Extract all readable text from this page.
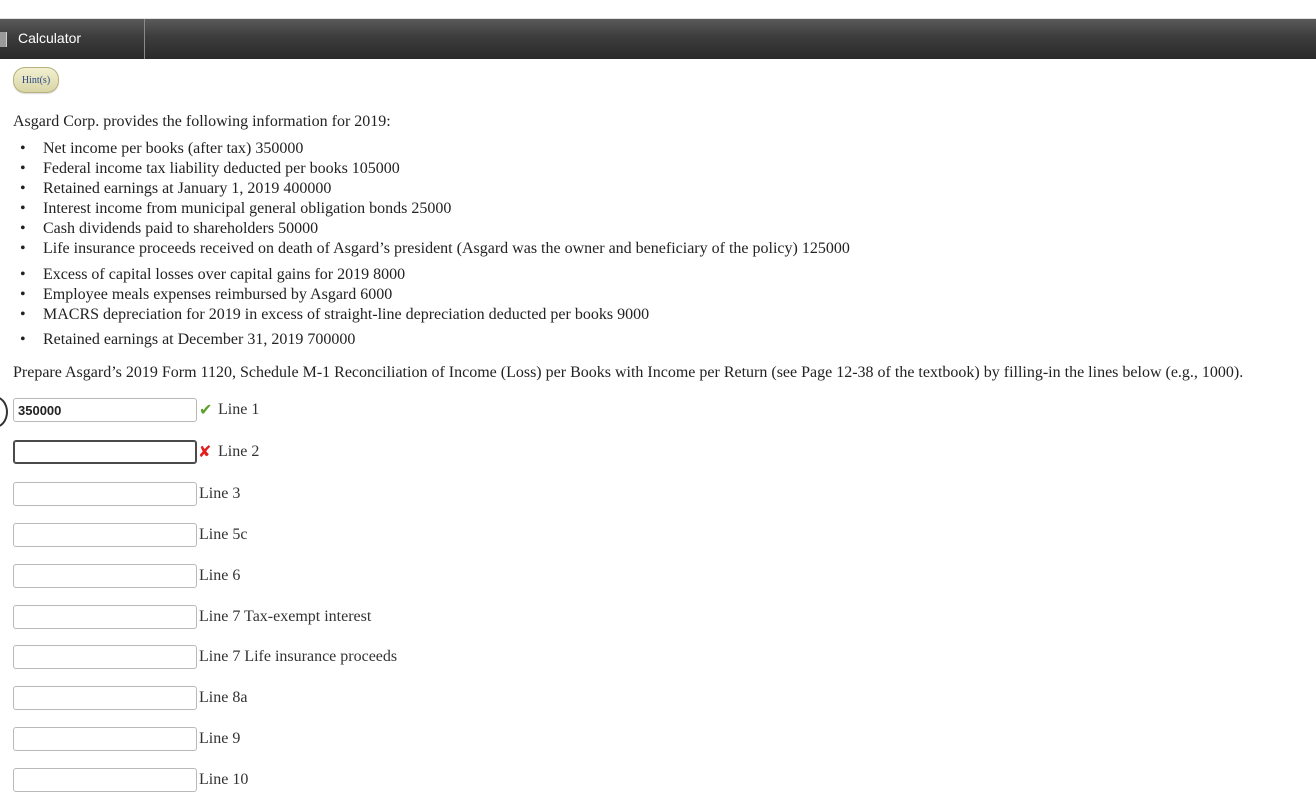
Calculator
Hint(s)
Asgard Corp. provides the following information for 2019:
• Net income per books (after tax) 350000
• Federal income tax liability deducted per books 105000
• Retained earnings at January 1, 2019 400000
• Interest income from municipal general obligation bonds 25000
• Cash dividends paid to shareholders 50000
• Life insurance proceeds received on death of Asgard’s president (Asgard was the owner and beneficiary of the policy) 125000
• Excess of capital losses over capital gains for 2019 8000
• Employee meals expenses reimbursed by Asgard 6000
• MACRS depreciation for 2019 in excess of straight-line depreciation deducted per books 9000
• Retained earnings at December 31, 2019 700000
Prepare Asgard’s 2019 Form 1120, Schedule M-1 Reconciliation of Income (Loss) per Books with Income per Return (see Page 12-38 of the textbook) by filling-in the lines below (e.g., 1000).
350000
✔ Line 1
✘ Line 2
Line 3
Line 5c
Line 6
Line 7 Tax-exempt interest
Line 7 Life insurance proceeds
Line 8a
Line 9
Line 10
